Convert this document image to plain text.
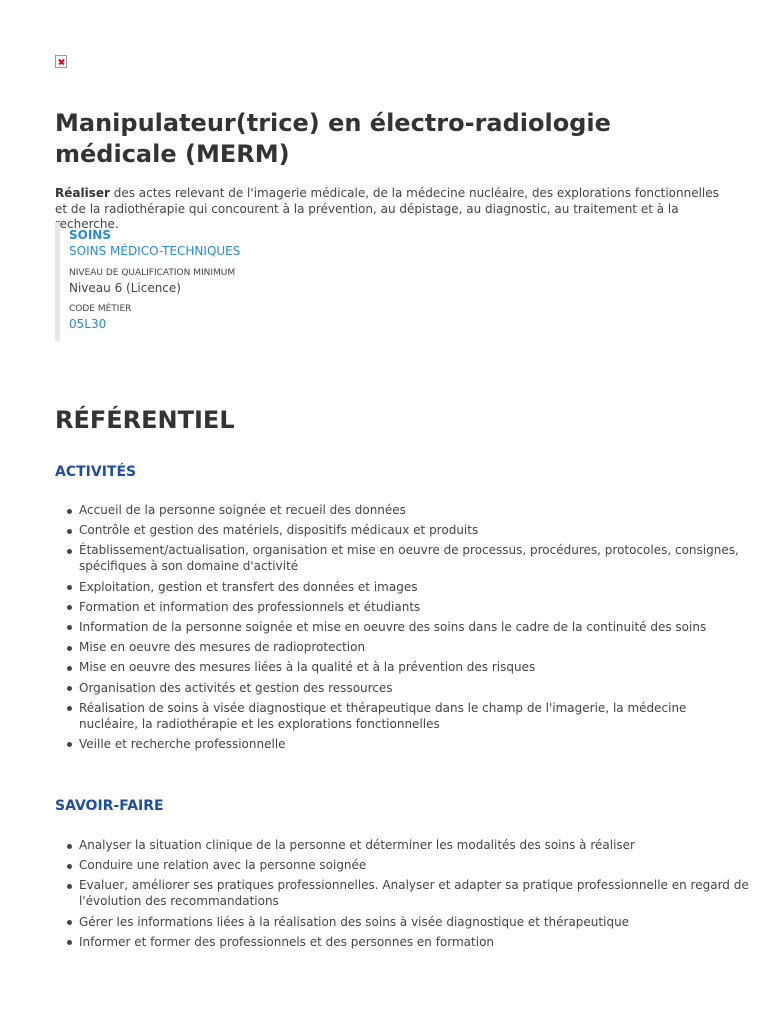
Manipulateur(trice) en électro-radiologie médicale (MERM)

Réaliser des actes relevant de l'imagerie médicale, de la médecine nucléaire, des explorations fonctionnelles et de la radiothérapie qui concourent à la prévention, au dépistage, au diagnostic, au traitement et à la recherche.

SOINS
SOINS MÉDICO-TECHNIQUES
NIVEAU DE QUALIFICATION MINIMUM
Niveau 6 (Licence)
CODE MÉTIER
05L30
RÉFÉRENTIEL
ACTIVITÉS
Accueil de la personne soignée et recueil des données
Contrôle et gestion des matériels, dispositifs médicaux et produits
Établissement/actualisation, organisation et mise en oeuvre de processus, procédures, protocoles, consignes, spécifiques à son domaine d'activité
Exploitation, gestion et transfert des données et images
Formation et information des professionnels et étudiants
Information de la personne soignée et mise en oeuvre des soins dans le cadre de la continuité des soins
Mise en oeuvre des mesures de radioprotection
Mise en oeuvre des mesures liées à la qualité et à la prévention des risques
Organisation des activités et gestion des ressources
Réalisation de soins à visée diagnostique et thérapeutique dans le champ de l'imagerie, la médecine nucléaire, la radiothérapie et les explorations fonctionnelles
Veille et recherche professionnelle
SAVOIR-FAIRE
Analyser la situation clinique de la personne et déterminer les modalités des soins à réaliser
Conduire une relation avec la personne soignée
Evaluer, améliorer ses pratiques professionnelles. Analyser et adapter sa pratique professionnelle en regard de l'évolution des recommandations
Gérer les informations liées à la réalisation des soins à visée diagnostique et thérapeutique
Informer et former des professionnels et des personnes en formation
